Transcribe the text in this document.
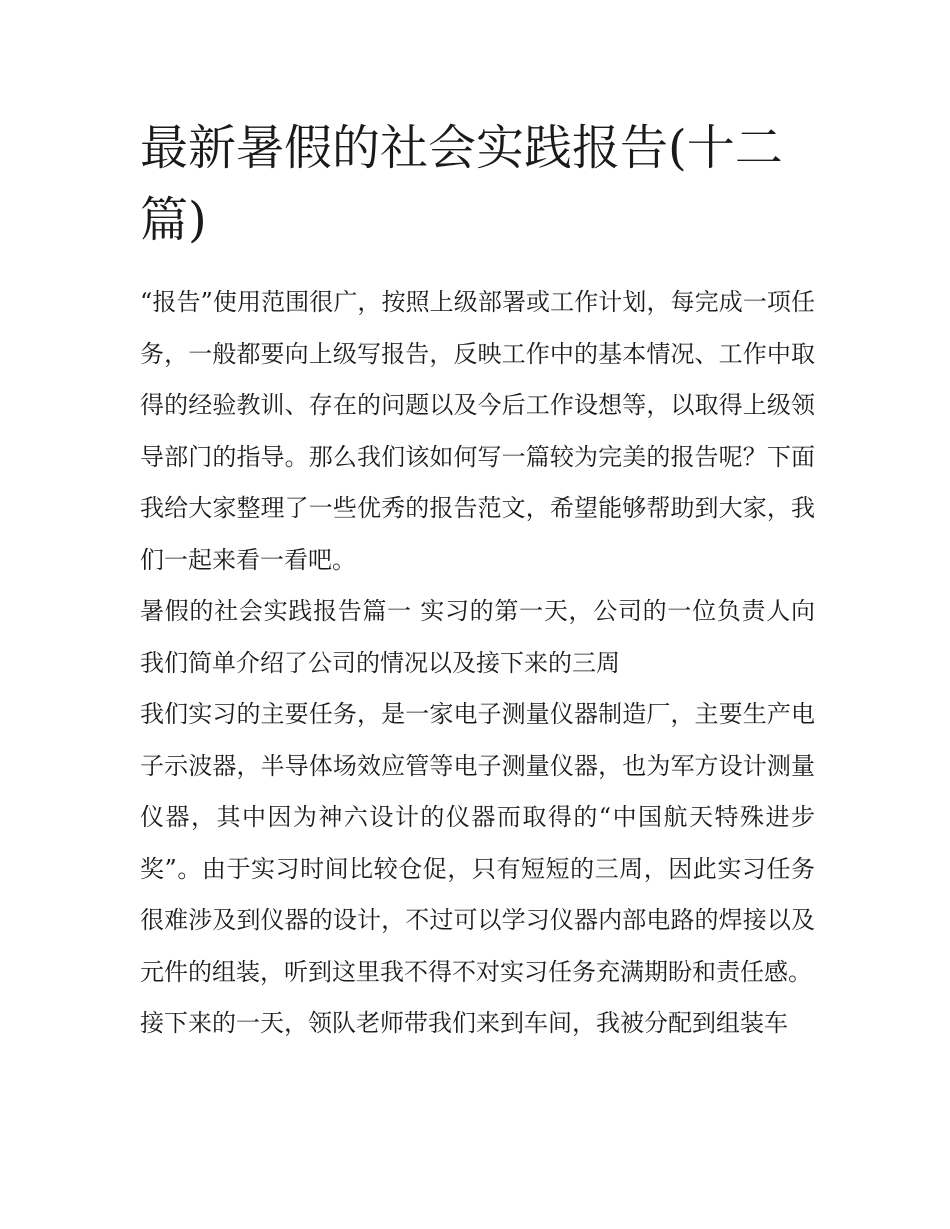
最新暑假的社会实践报告(十二篇)

“报告”使用范围很广，按照上级部署或工作计划，每完成一项任务，一般都要向上级写报告，反映工作中的基本情况、工作中取得的经验教训、存在的问题以及今后工作设想等，以取得上级领导部门的指导。那么我们该如何写一篇较为完美的报告呢？下面我给大家整理了一些优秀的报告范文，希望能够帮助到大家，我们一起来看一看吧。

暑假的社会实践报告篇一 实习的第一天，公司的一位负责人向我们简单介绍了公司的情况以及接下来的三周

我们实习的主要任务，是一家电子测量仪器制造厂，主要生产电子示波器，半导体场效应管等电子测量仪器，也为军方设计测量仪器，其中因为神六设计的仪器而取得的“中国航天特殊进步奖”。由于实习时间比较仓促，只有短短的三周，因此实习任务很难涉及到仪器的设计，不过可以学习仪器内部电路的焊接以及元件的组装，听到这里我不得不对实习任务充满期盼和责任感。

接下来的一天，领队老师带我们来到车间，我被分配到组装车
